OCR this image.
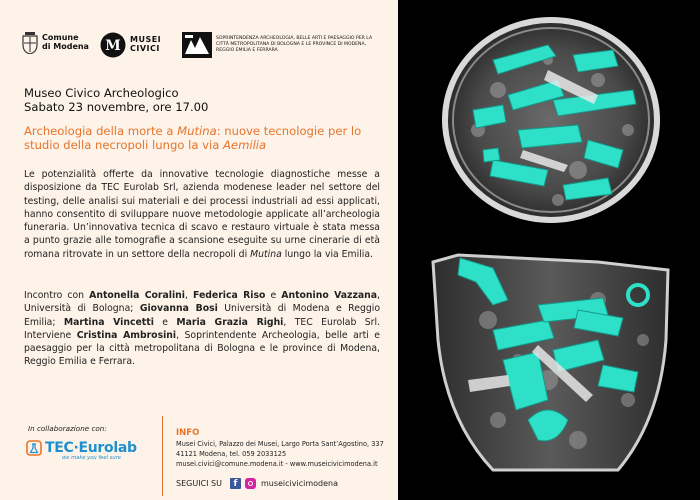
Comune
di Modena M MUSEI
CIVICI
SOPRINTENDENZA ARCHEOLOGIA, BELLE ARTI E PAESAGGIO PER LA CITTÀ METROPOLITANA DI BOLOGNA E LE PROVINCE DI MODENA, REGGIO EMILIA E FERRARA
Museo Civico Archeologico
Sabato 23 novembre, ore 17.00
Archeologia della morte a Mutina: nuove tecnologie per lo studio della necropoli lungo la via Aemilia
Le potenzialità offerte da innovative tecnologie diagnostiche messe a disposizione da TEC Eurolab Srl, azienda modenese leader nel settore del testing, delle analisi sui materiali e dei processi industriali ad essi applicati, hanno consentito di sviluppare nuove metodologie applicate all’archeologia funeraria. Un’innovativa tecnica di scavo e restauro virtuale è stata messa a punto grazie alle tomografie a scansione eseguite su urne cinerarie di età romana ritrovate in un settore della necropoli di Mutina lungo la via Emilia.
Incontro con Antonella Coralini, Federica Riso e Antonino Vazzana, Università di Bologna; Giovanna Bosi Università di Modena e Reggio Emilia; Martina Vincetti e Maria Grazia Righi, TEC Eurolab Srl. Interviene Cristina Ambrosini, Soprintendente Archeologia, belle arti e paesaggio per la città metropolitana di Bologna e le province di Modena, Reggio Emilia e Ferrara.
In collaborazione con:
TEC·Eurolab
we make you feel sure
INFO
Musei Civici, Palazzo dei Musei, Largo Porta Sant’Agostino, 337
41121 Modena, tel. 059 2033125
musei.civici@comune.modena.it - www.museicivicimodena.it
SEGUICI SU	f	museicivicimodena
